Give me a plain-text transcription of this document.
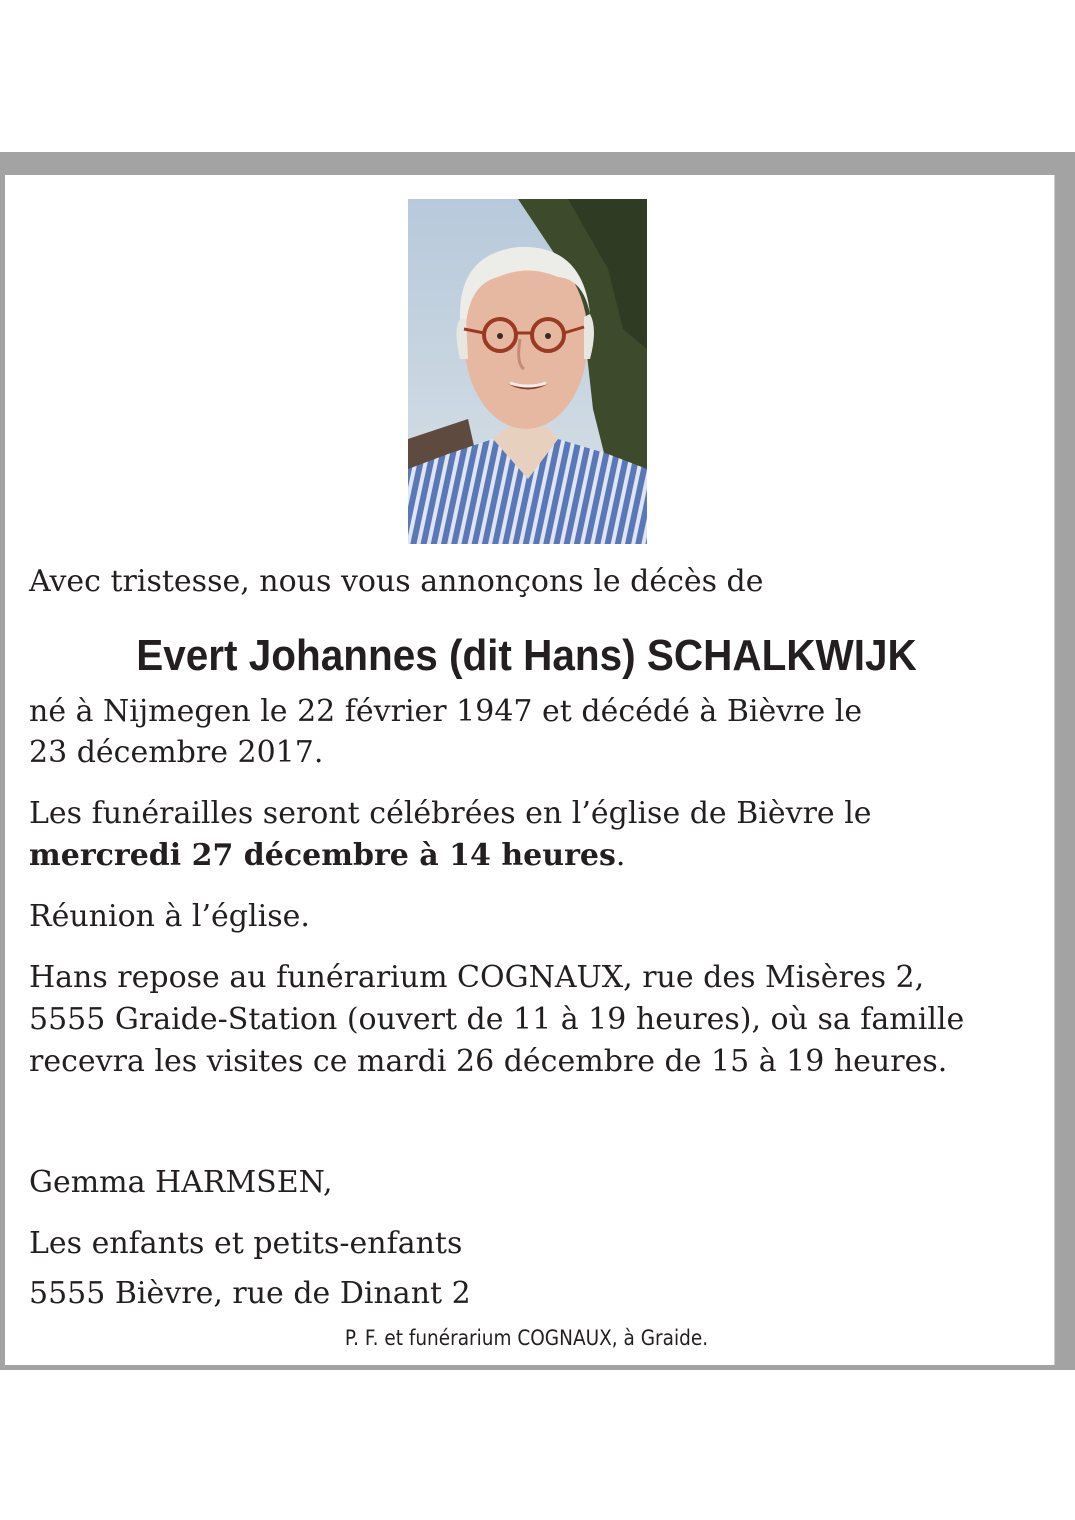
Avec tristesse, nous vous annonçons le décès de

Evert Johannes (dit Hans) SCHALKWIJK

né à Nijmegen le 22 février 1947 et décédé à Bièvre le

23 décembre 2017.

Les funérailles seront célébrées en l’église de Bièvre le

mercredi 27 décembre à 14 heures.

Réunion à l’église.

Hans repose au funérarium COGNAUX, rue des Misères 2,

5555 Graide-Station (ouvert de 11 à 19 heures), où sa famille

recevra les visites ce mardi 26 décembre de 15 à 19 heures.

Gemma HARMSEN,

Les enfants et petits-enfants

5555 Bièvre, rue de Dinant 2

P. F. et funérarium COGNAUX, à Graide.
